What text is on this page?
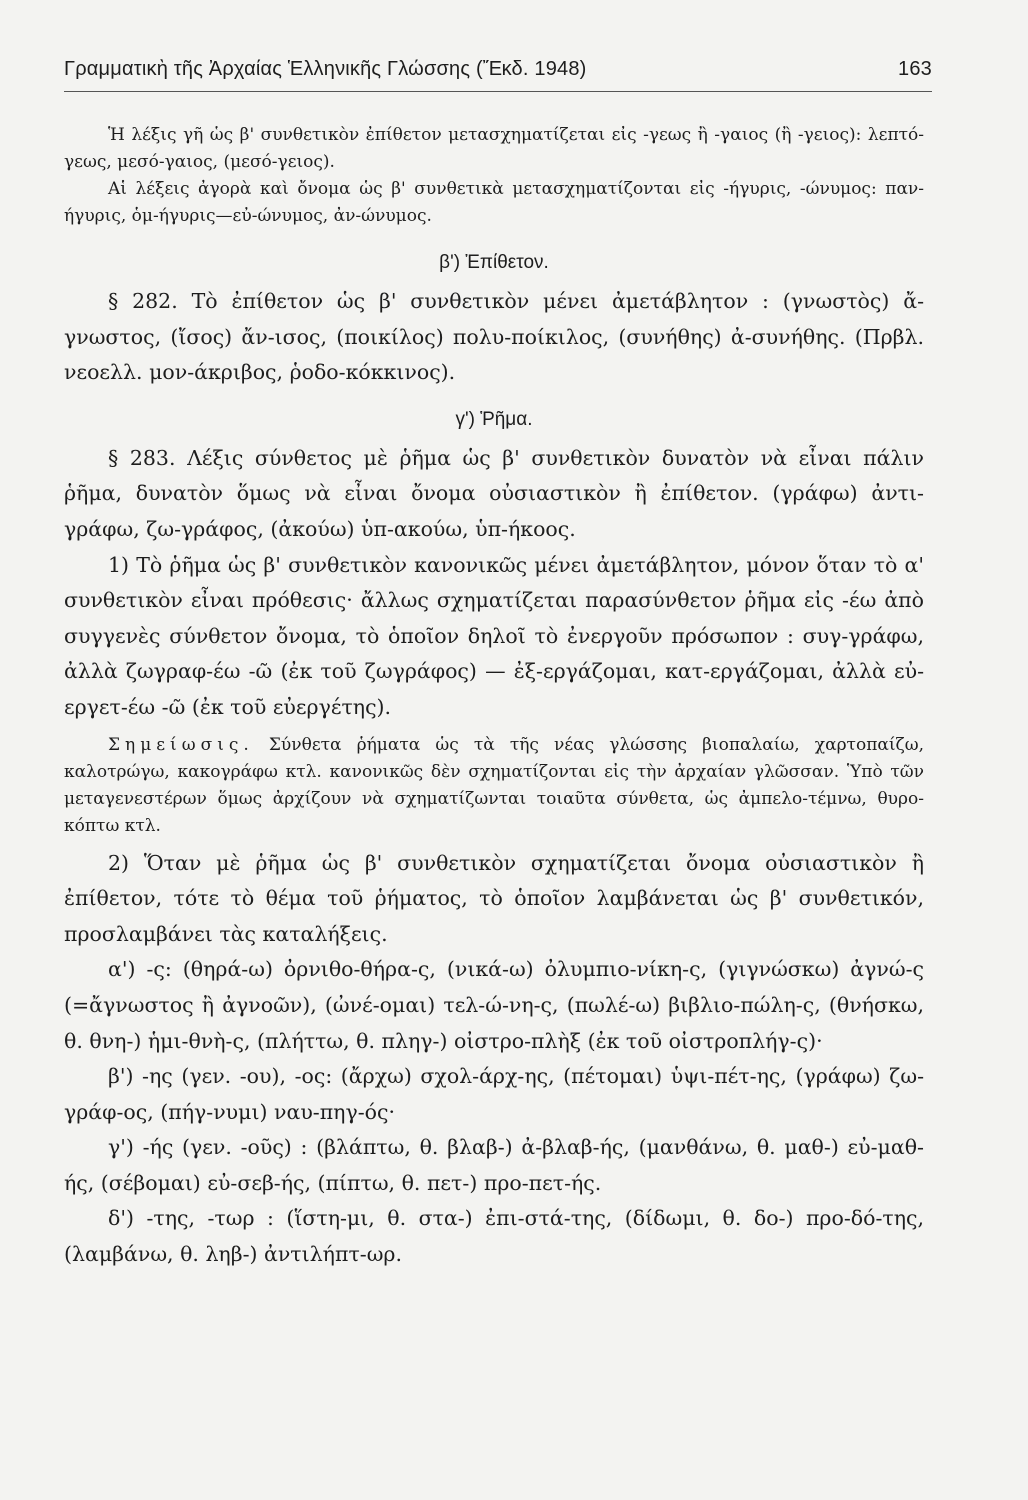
Γραμματικὴ τῆς Ἀρχαίας Ἑλληνικῆς Γλώσσης (Ἔκδ. 1948)	163

Ἡ λέξις γῆ ὡς β' συνθετικὸν ἐπίθετον μετασχηματίζεται εἰς -γεως ἢ -γαιος (ἢ -γειος): λεπτό-γεως, μεσό-γαιος, (μεσό-γειος).

Αἱ λέξεις ἀγορὰ καὶ ὄνομα ὡς β' συνθετικὰ μετασχηματίζονται εἰς -ήγυρις, -ώνυμος: παν-ήγυρις, ὁμ-ήγυρις—εὐ-ώνυμος, ἀν-ώνυμος.

β') Ἐπίθετον.

§ 282. Τὸ ἐπίθετον ὡς β' συνθετικὸν μένει ἀμετάβλητον : (γνωστὸς) ἄ-γνωστος, (ἴσος) ἄν-ισος, (ποικίλος) πολυ-ποίκιλος, (συνήθης) ἀ-συνήθης. (Πρβλ. νεοελλ. μον-άκριβος, ῥοδο-κόκκινος).

γ') Ῥῆμα.

§ 283. Λέξις σύνθετος μὲ ῥῆμα ὡς β' συνθετικὸν δυνατὸν νὰ εἶναι πάλιν ῥῆμα, δυνατὸν ὅμως νὰ εἶναι ὄνομα οὐσιαστικὸν ἢ ἐπίθετον. (γράφω) ἀντι-γράφω, ζω-γράφος, (ἀκούω) ὑπ-ακούω, ὑπ-ήκοος.

1) Τὸ ῥῆμα ὡς β' συνθετικὸν κανονικῶς μένει ἀμετάβλητον, μόνον ὅταν τὸ α' συνθετικὸν εἶναι πρόθεσις· ἄλλως σχηματίζεται παρασύνθετον ῥῆμα εἰς -έω ἀπὸ συγγενὲς σύνθετον ὄνομα, τὸ ὁποῖον δηλοῖ τὸ ἐνεργοῦν πρόσωπον : συγ-γράφω, ἀλλὰ ζωγραφ-έω -ῶ (ἐκ τοῦ ζωγράφος) — ἐξ-εργάζομαι, κατ-εργάζομαι, ἀλλὰ εὐ-εργετ-έω -ῶ (ἐκ τοῦ εὐεργέτης).

Σημείωσις. Σύνθετα ῥήματα ὡς τὰ τῆς νέας γλώσσης βιοπαλαίω, χαρτοπαίζω, καλοτρώγω, κακογράφω κτλ. κανονικῶς δὲν σχηματίζονται εἰς τὴν ἀρχαίαν γλῶσσαν. Ὑπὸ τῶν μεταγενεστέρων ὅμως ἀρχίζουν νὰ σχηματίζωνται τοιαῦτα σύνθετα, ὡς ἀμπελο-τέμνω, θυρο-κόπτω κτλ.

2) Ὅταν μὲ ῥῆμα ὡς β' συνθετικὸν σχηματίζεται ὄνομα οὐσιαστικὸν ἢ ἐπίθετον, τότε τὸ θέμα τοῦ ῥήματος, τὸ ὁποῖον λαμβάνεται ὡς β' συνθετικόν, προσλαμβάνει τὰς καταλήξεις.

α') -ς: (θηρά-ω) ὀρνιθο-θήρα-ς, (νικά-ω) ὀλυμπιο-νίκη-ς, (γιγνώσκω) ἀγνώ-ς (=ἄγνωστος ἢ ἀγνοῶν), (ὠνέ-ομαι) τελ-ώ-νη-ς, (πωλέ-ω) βιβλιο-πώλη-ς, (θνήσκω, θ. θνη-) ἡμι-θνὴ-ς, (πλήττω, θ. πληγ-) οἰστρο-πλὴξ (ἐκ τοῦ οἰστροπλήγ-ς)·

β') -ης (γεν. -ου), -ος: (ἄρχω) σχολ-άρχ-ης, (πέτομαι) ὑψι-πέτ-ης, (γράφω) ζω-γράφ-ος, (πήγ-νυμι) ναυ-πηγ-ός·

γ') -ής (γεν. -οῦς) : (βλάπτω, θ. βλαβ-) ἀ-βλαβ-ής, (μανθάνω, θ. μαθ-) εὐ-μαθ-ής, (σέβομαι) εὐ-σεβ-ής, (πίπτω, θ. πετ-) προ-πετ-ής.

δ') -της, -τωρ : (ἵστη-μι, θ. στα-) ἐπι-στά-της, (δίδωμι, θ. δο-) προ-δό-της, (λαμβάνω, θ. ληβ-) ἀντιλήπτ-ωρ.
